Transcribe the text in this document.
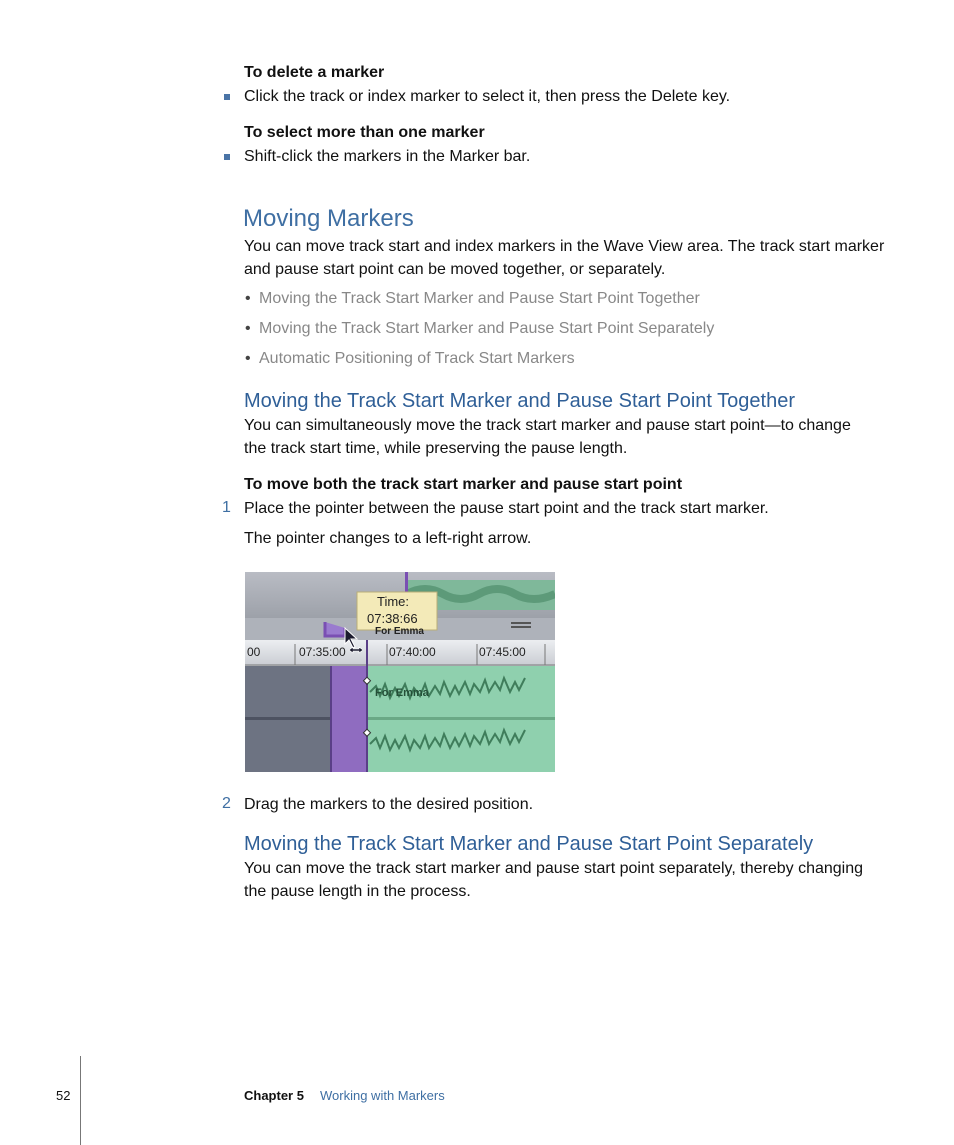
To delete a marker
Click the track or index marker to select it, then press the Delete key.
To select more than one marker
Shift-click the markers in the Marker bar.
Moving Markers
You can move track start and index markers in the Wave View area. The track start marker
and pause start point can be moved together, or separately.
• Moving the Track Start Marker and Pause Start Point Together
• Moving the Track Start Marker and Pause Start Point Separately
• Automatic Positioning of Track Start Markers
Moving the Track Start Marker and Pause Start Point Together
You can simultaneously move the track start marker and pause start point—to change
the track start time, while preserving the pause length.
To move both the track start marker and pause start point
1 Place the pointer between the pause start point and the track start marker.
The pointer changes to a left-right arrow.
00	07:35:00	07:40:00	07:45:00
For Emma
Time:
07:38:66
For Emma
2 Drag the markers to the desired position.
Moving the Track Start Marker and Pause Start Point Separately
You can move the track start marker and pause start point separately, thereby changing
the pause length in the process.
52	Chapter 5 Working with Markers
